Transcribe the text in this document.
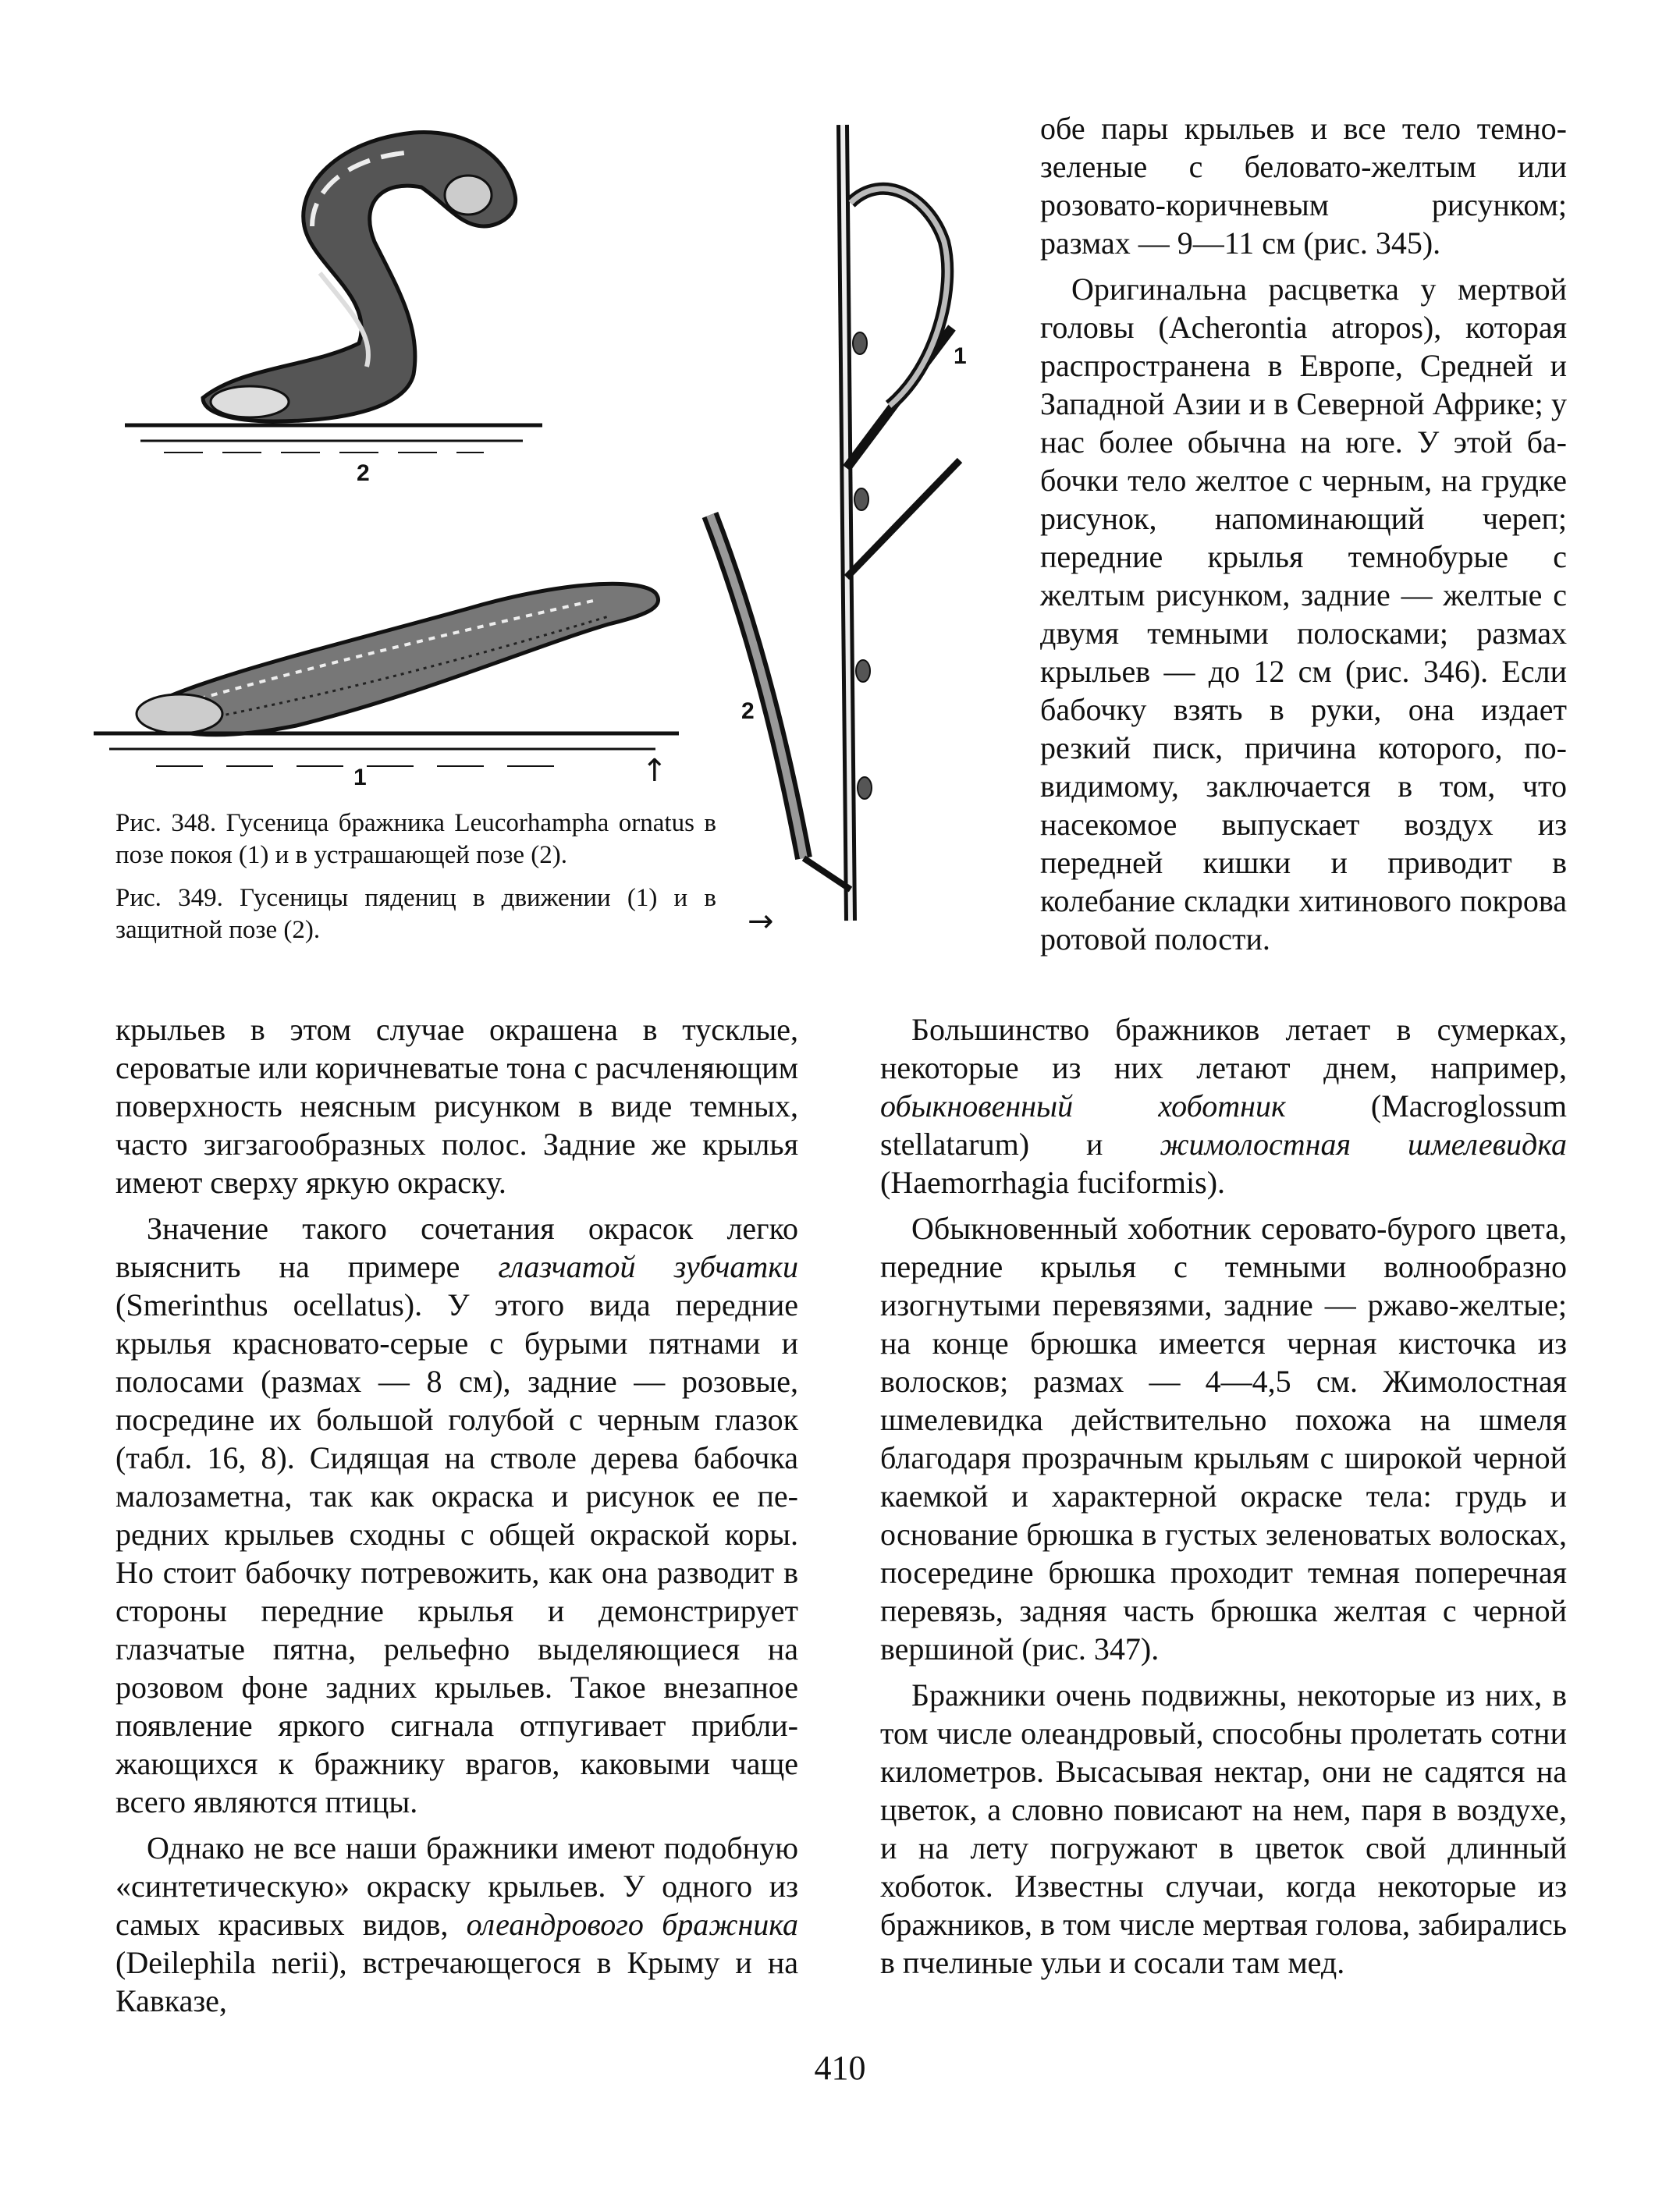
2
1	↑
1
2
→

Рис. 348. Гусеница бражника Leucorhampha ornatus в позе покоя (1) и в устрашающей позе (2).

Рис. 349. Гусеницы пядениц в движении (1) и в защитной позе (2).

обе пары крыльев и все тело темно-зеленые с беловато-желтым или розовато-коричневым рисунком; размах — 9—11 см (рис. 345).

Оригинальна расцветка у мертвой головы (Acherontia atropos), которая распространена в Европе, Средней и Западной Азии и в Северной Африке; у нас более обычна на юге. У этой бабочки тело желтое с черным, на грудке рисунок, напоминающий череп; передние крылья темнобурые с желтым рисунком, задние — желтые с двумя темными полосками; размах крыльев — до 12 см (рис. 346). Если бабочку взять в руки, она издает резкий писк, причина которого, по-видимому, заключается в том, что насекомое выпускает воздух из передней кишки и приводит в колебание складки хитинового покрова ротовой полости.

крыльев в этом случае окрашена в тусклые, сероватые или коричневатые тона с расчленяющим поверхность неясным рисунком в виде темных, часто зигзагообразных полос. Задние же крылья имеют сверху яркую окраску.

Значение такого сочетания окрасок легко выяснить на примере глазчатой зубчатки (Smerinthus ocellatus). У этого вида передние крылья красновато-серые с бурыми пятнами и полосами (размах — 8 см), задние — розовые, посредине их большой голубой с черным глазок (табл. 16, 8). Сидящая на стволе дерева бабочка малозаметна, так как окраска и рисунок ее передних крыльев сходны с общей окраской коры. Но стоит бабочку потревожить, как она разводит в стороны передние крылья и демонстрирует глазчатые пятна, рельефно выделяющиеся на розовом фоне задних крыльев. Такое внезапное появление яркого сигнала отпугивает приближающихся к бражнику врагов, каковыми чаще всего являются птицы.

Однако не все наши бражники имеют подобную «синтетическую» окраску крыльев. У одного из самых красивых видов, олеандрового бражника (Deilephila nerii), встречающегося в Крыму и на Кавказе,

Большинство бражников летает в сумерках, некоторые из них летают днем, например, обыкновенный хоботник (Macroglossum stellatarum) и жимолостная шмелевидка (Haemorrhagia fuciformis).

Обыкновенный хоботник серовато-бурого цвета, передние крылья с темными волнообразно изогнутыми перевязями, задние — ржаво-желтые; на конце брюшка имеется черная кисточка из волосков; размах — 4—4,5 см. Жимолостная шмелевидка действительно похожа на шмеля благодаря прозрачным крыльям с широкой черной каемкой и характерной окраске тела: грудь и основание брюшка в густых зеленоватых волосках, посередине брюшка проходит темная поперечная перевязь, задняя часть брюшка желтая с черной вершиной (рис. 347).

Бражники очень подвижны, некоторые из них, в том числе олеандровый, способны пролетать сотни километров. Высасывая нектар, они не садятся на цветок, а словно повисают на нем, паря в воздухе, и на лету погружают в цветок свой длинный хоботок. Известны случаи, когда некоторые из бражников, в том числе мертвая голова, забирались в пчелиные ульи и сосали там мед.

410
